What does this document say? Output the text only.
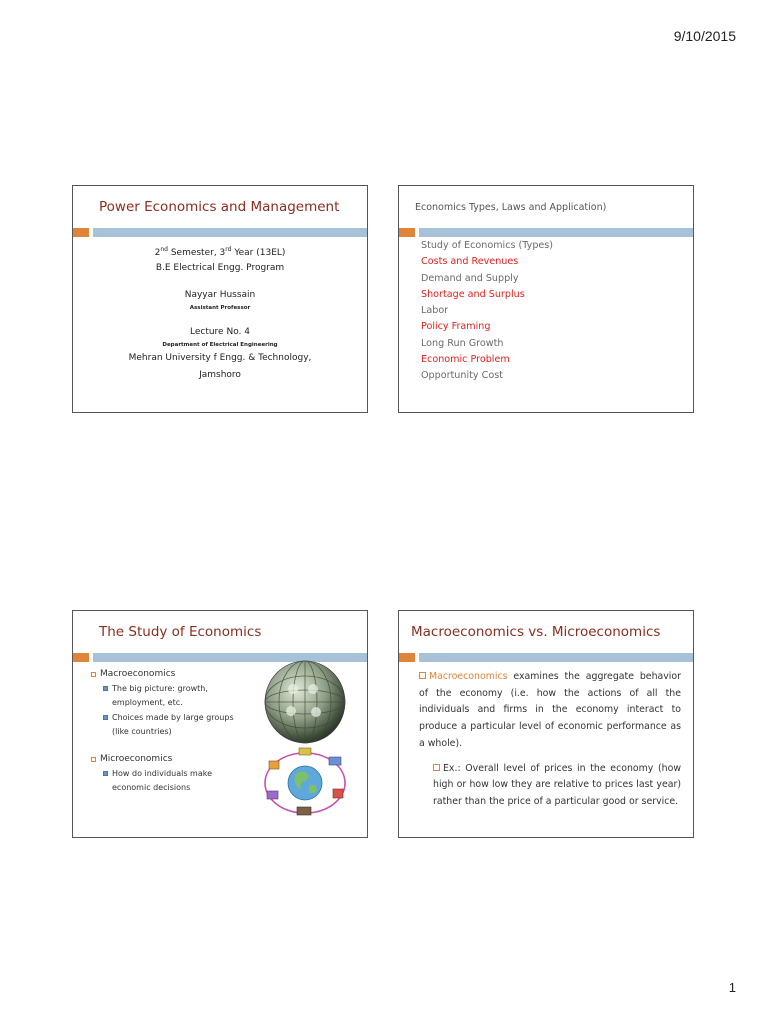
9/10/2015
Power Economics and Management
2nd Semester, 3rd Year (13EL)
B.E Electrical Engg. Program
Nayyar Hussain
Assistant Professor
Lecture No. 4
Department of Electrical Engineering
Mehran University f Engg. & Technology,
Jamshoro
Economics Types, Laws and Application)
Study of Economics (Types)
Costs and Revenues
Demand and Supply
Shortage and Surplus
Labor
Policy Framing
Long Run Growth
Economic Problem
Opportunity Cost
The Study of Economics
Macroeconomics
The big picture: growth, employment, etc.
Choices made by large groups (like countries)
Microeconomics
How do individuals make economic decisions
Macroeconomics vs. Microeconomics
Macroeconomics examines the aggregate behavior of the economy (i.e. how the actions of all the individuals and firms in the economy interact to produce a particular level of economic performance as a whole).
Ex.: Overall level of prices in the economy (how high or how low they are relative to prices last year) rather than the price of a particular good or service.
1
